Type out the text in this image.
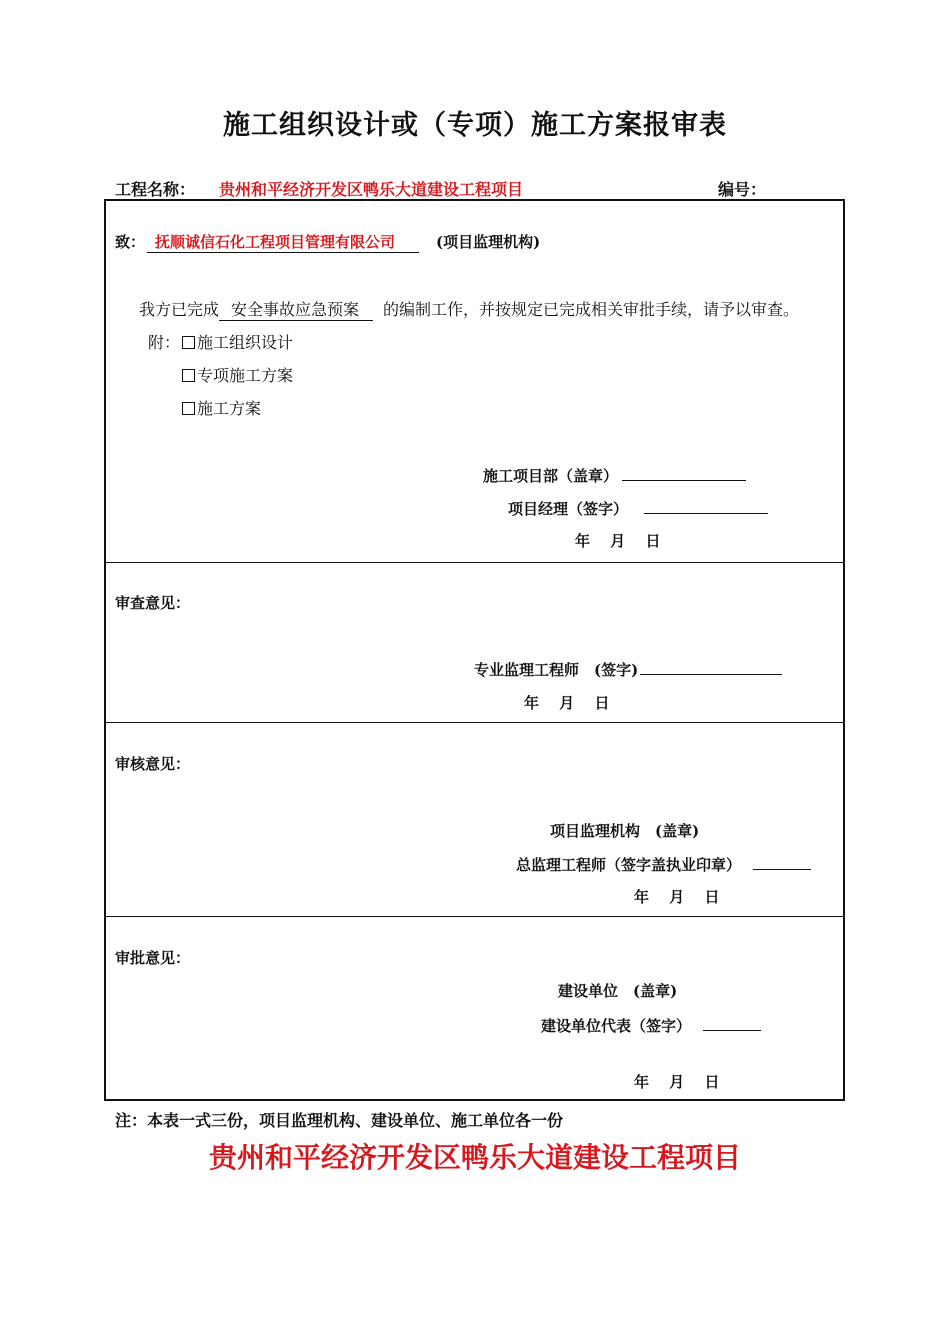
施工组织设计或（专项）施工方案报审表
工程名称： 贵州和平经济开发区鸭乐大道建设工程项目	编号：
致： 抚顺诚信石化工程项目管理有限公司	(项目监理机构)
我方已完成 安全事故应急预案	的编制工作，并按规定已完成相关审批手续，请予以审查。
附：	施工组织设计
专项施工方案
施工方案
施工项目部（盖章）
项目经理（签字）
年　 月　 日
审查意见：
专业监理工程师　(签字)
年　 月　 日
审核意见：
项目监理机构　(盖章)
总监理工程师（签字盖执业印章）
年　 月　 日
审批意见：
建设单位　(盖章)
建设单位代表（签字）
年　 月　 日
注：本表一式三份，项目监理机构、建设单位、施工单位各一份
贵州和平经济开发区鸭乐大道建设工程项目
